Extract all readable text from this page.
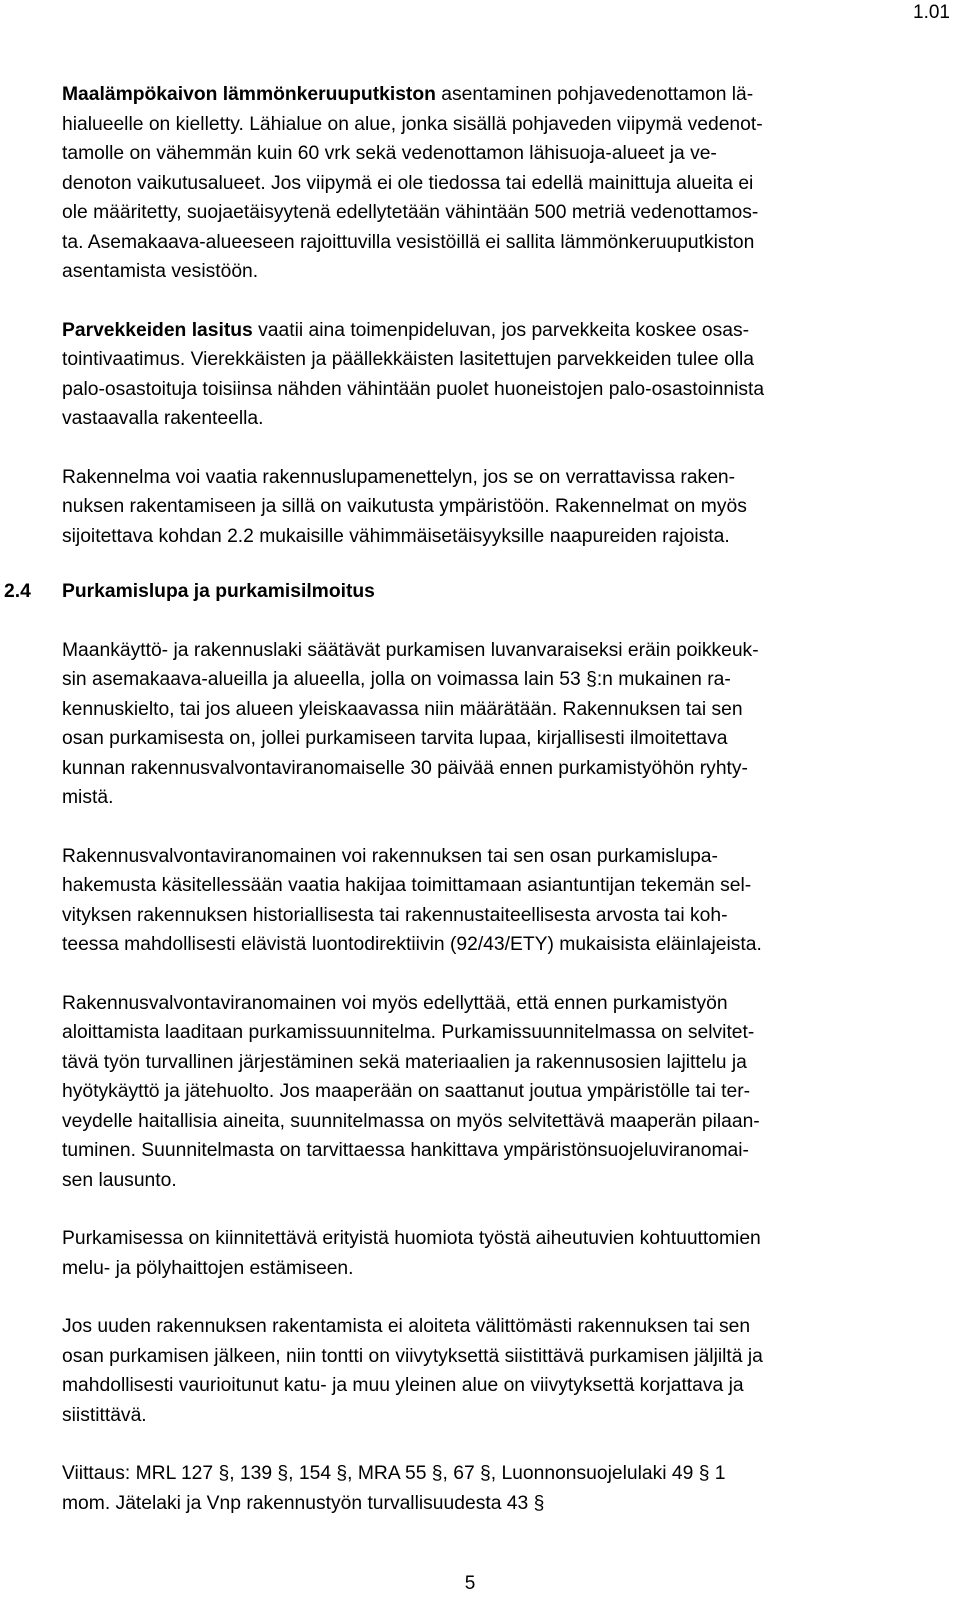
1.01

Maalämpökaivon lämmönkeruuputkiston asentaminen pohjavedenottamon lä-
hialueelle on kielletty. Lähialue on alue, jonka sisällä pohjaveden viipymä vedenot-
tamolle on vähemmän kuin 60 vrk sekä vedenottamon lähisuoja-alueet ja ve-
denoton vaikutusalueet. Jos viipymä ei ole tiedossa tai edellä mainittuja alueita ei
ole määritetty, suojaetäisyytenä edellytetään vähintään 500 metriä vedenottamos-
ta. Asemakaava-alueeseen rajoittuvilla vesistöillä ei sallita lämmönkeruuputkiston
asentamista vesistöön.

Parvekkeiden lasitus vaatii aina toimenpideluvan, jos parvekkeita koskee osas-
tointivaatimus. Vierekkäisten ja päällekkäisten lasitettujen parvekkeiden tulee olla
palo-osastoituja toisiinsa nähden vähintään puolet huoneistojen palo-osastoinnista
vastaavalla rakenteella.

Rakennelma voi vaatia rakennuslupamenettelyn, jos se on verrattavissa raken-
nuksen rakentamiseen ja sillä on vaikutusta ympäristöön. Rakennelmat on myös
sijoitettava kohdan 2.2 mukaisille vähimmäisetäisyyksille naapureiden rajoista.

2.4 Purkamislupa ja purkamisilmoitus

Maankäyttö- ja rakennuslaki säätävät purkamisen luvanvaraiseksi eräin poikkeuk-
sin asemakaava-alueilla ja alueella, jolla on voimassa lain 53 §:n mukainen ra-
kennuskielto, tai jos alueen yleiskaavassa niin määrätään. Rakennuksen tai sen
osan purkamisesta on, jollei purkamiseen tarvita lupaa, kirjallisesti ilmoitettava
kunnan rakennusvalvontaviranomaiselle 30 päivää ennen purkamistyöhön ryhty-
mistä.

Rakennusvalvontaviranomainen voi rakennuksen tai sen osan purkamislupa-
hakemusta käsitellessään vaatia hakijaa toimittamaan asiantuntijan tekemän sel-
vityksen rakennuksen historiallisesta tai rakennustaiteellisesta arvosta tai koh-
teessa mahdollisesti elävistä luontodirektiivin (92/43/ETY) mukaisista eläinlajeista.

Rakennusvalvontaviranomainen voi myös edellyttää, että ennen purkamistyön
aloittamista laaditaan purkamissuunnitelma. Purkamissuunnitelmassa on selvitet-
tävä työn turvallinen järjestäminen sekä materiaalien ja rakennusosien lajittelu ja
hyötykäyttö ja jätehuolto. Jos maaperään on saattanut joutua ympäristölle tai ter-
veydelle haitallisia aineita, suunnitelmassa on myös selvitettävä maaperän pilaan-
tuminen. Suunnitelmasta on tarvittaessa hankittava ympäristönsuojeluviranomai-
sen lausunto.

Purkamisessa on kiinnitettävä erityistä huomiota työstä aiheutuvien kohtuuttomien
melu- ja pölyhaittojen estämiseen.

Jos uuden rakennuksen rakentamista ei aloiteta välittömästi rakennuksen tai sen
osan purkamisen jälkeen, niin tontti on viivytyksettä siistittävä purkamisen jäljiltä ja
mahdollisesti vaurioitunut katu- ja muu yleinen alue on viivytyksettä korjattava ja
siistittävä.

Viittaus: MRL 127 §, 139 §, 154 §, MRA 55 §, 67 §, Luonnonsuojelulaki 49 § 1
mom. Jätelaki ja Vnp rakennustyön turvallisuudesta 43 §

5
